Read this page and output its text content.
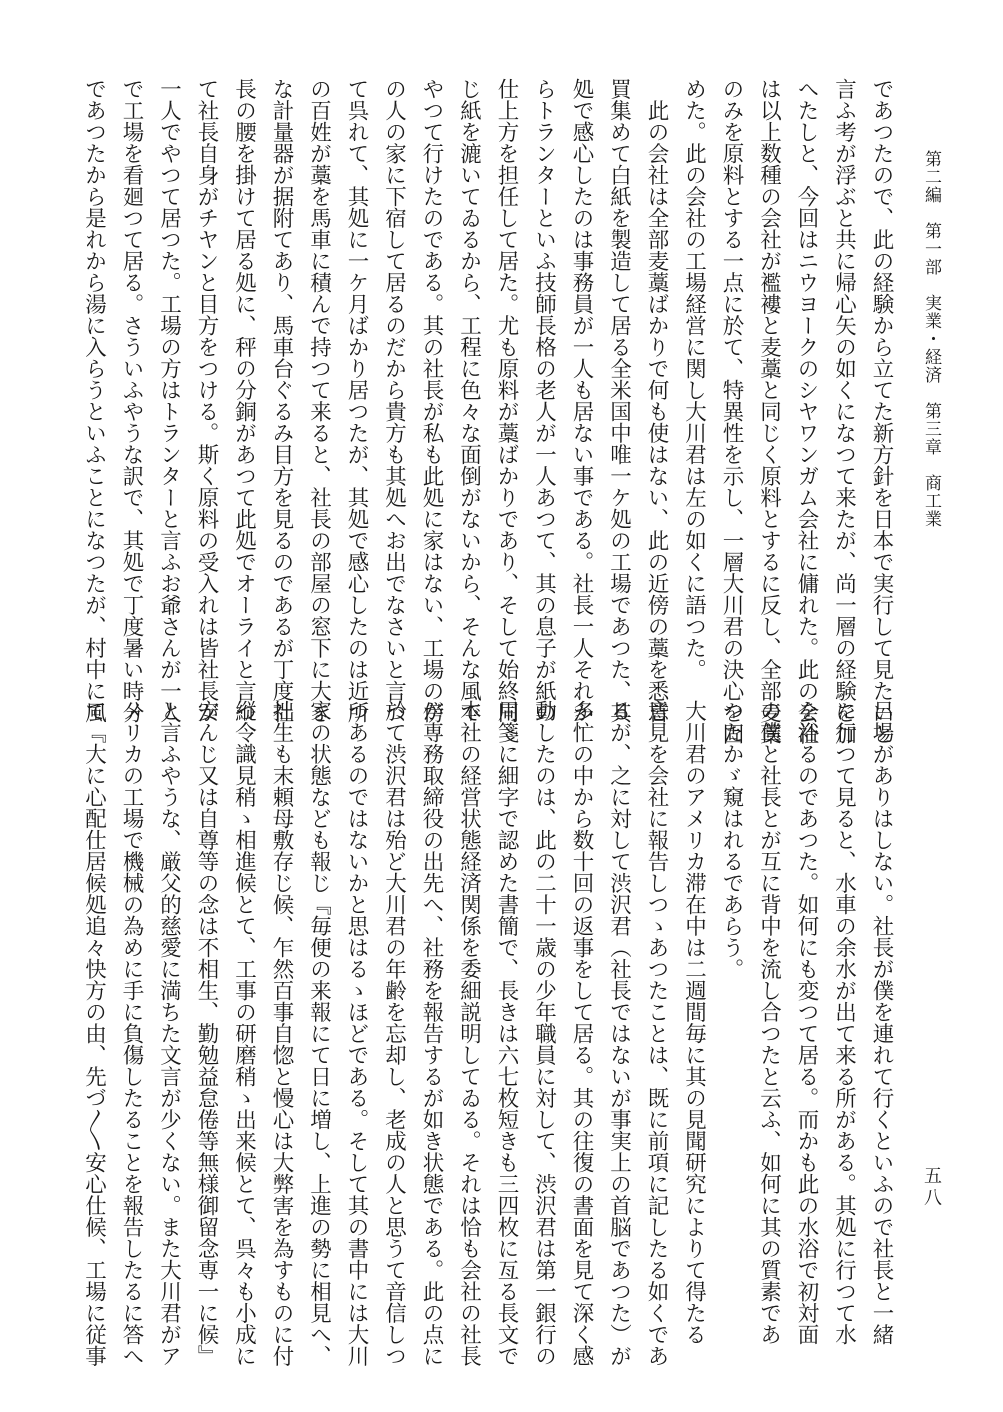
第二編　第一部　実業・経済　第三章　商工業
五八
であつたので、此の経験から立てた新方針を日本で実行して見たいと
言ふ考が浮ぶと共に帰心矢の如くになつて来たが、尚一層の経験を加
へたしと、今回はニウヨークのシヤワンガム会社に傭れた。此の会社
は以上数種の会社が襤褸と麦藁と同じく原料とするに反し、全部麦藁
のみを原料とする一点に於て、特異性を示し、一層大川君の決心を固
めた。此の会社の工場経営に関し大川君は左の如くに語つた。
　此の会社は全部麦藁ばかりで何も使はない、此の近傍の藁を悉皆
買集めて白紙を製造して居る全米国中唯一ケ処の工場であつた、其
処で感心したのは事務員が一人も居ない事である。社長一人それか
らトランターといふ技師長格の老人が一人あつて、其の息子が紙の
仕上方を担任して居た。尤も原料が藁ばかりであり、そして始終同
じ紙を漉いてゐるから、工程に色々な面倒がないから、そんな風で
やつて行けたのである。其の社長が私も此処に家はない、工場の傍
の人の家に下宿して居るのだから貴方も其処へお出でなさいと言つ
て呉れて、其処に一ケ月ばかり居つたが、其処で感心したのは近所
の百姓が藁を馬車に積んで持つて来ると、社長の部屋の窓下に大き
な計量器が据附てあり、馬車台ぐるみ目方を見るのであるが丁度社
長の腰を掛けて居る処に、秤の分銅があつて此処でオーライと言つ
て社長自身がチヤンと目方をつける。斯く原料の受入れは皆社長が
一人でやつて居つた。工場の方はトランターと言ふお爺さんが一人
で工場を看廻つて居る。さういふやうな訳で、其処で丁度暑い時分
であつたから是れから湯に入らうといふことになつたが、村中に風
呂場がありはしない。社長が僕を連れて行くといふので社長と一緒
に行つて見ると、水車の余水が出て来る所がある。其処に行つて水
を浴るのであつた。如何にも変つて居る。而かも此の水浴で初対面
の僕と社長とが互に背中を流し合つたと云ふ、如何に其の質素であ
つたかゞ窺はれるであらう。
大川君のアメリカ滞在中は二週間毎に其の見聞研究によりて得たる
意見を会社に報告しつゝあつたことは、既に前項に記したる如くであ
るが、之に対して渋沢君（社長ではないが事実上の首脳であつた）が
多忙の中から数十回の返事をして居る。其の往復の書面を見て深く感
動したのは、此の二十一歳の少年職員に対して、渋沢君は第一銀行の
用箋に細字で認めた書簡で、長きは六七枚短きも三四枚に亙る長文で
本社の経営状態経済関係を委細説明してゐる。それは恰も会社の社長
が専務取締役の出先へ、社務を報告するが如き状態である。此の点に
於て渋沢君は殆ど大川君の年齢を忘却し、老成の人と思うて音信しつ
つあるのではないかと思はるゝほどである。そして其の書中には大川
家の状態なども報じ『毎便の来報にて日に増し、上進の勢に相見へ、
拙生も末頼母敷存じ候、乍然百事自惚と慢心は大弊害を為すものに付
縦令識見稍ゝ相進候とて、工事の研磨稍ゝ出来候とて、呉々も小成に
安んじ又は自尊等の念は不相生、勤勉益怠倦等無様御留念専一に候』
と言ふやうな、厳父的慈愛に満ちた文言が少くない。また大川君がア
メリカの工場で機械の為めに手に負傷したることを報告したるに答へ
て『大に心配仕居候処追々快方の由、先づ〳〵安心仕候、工場に従事
